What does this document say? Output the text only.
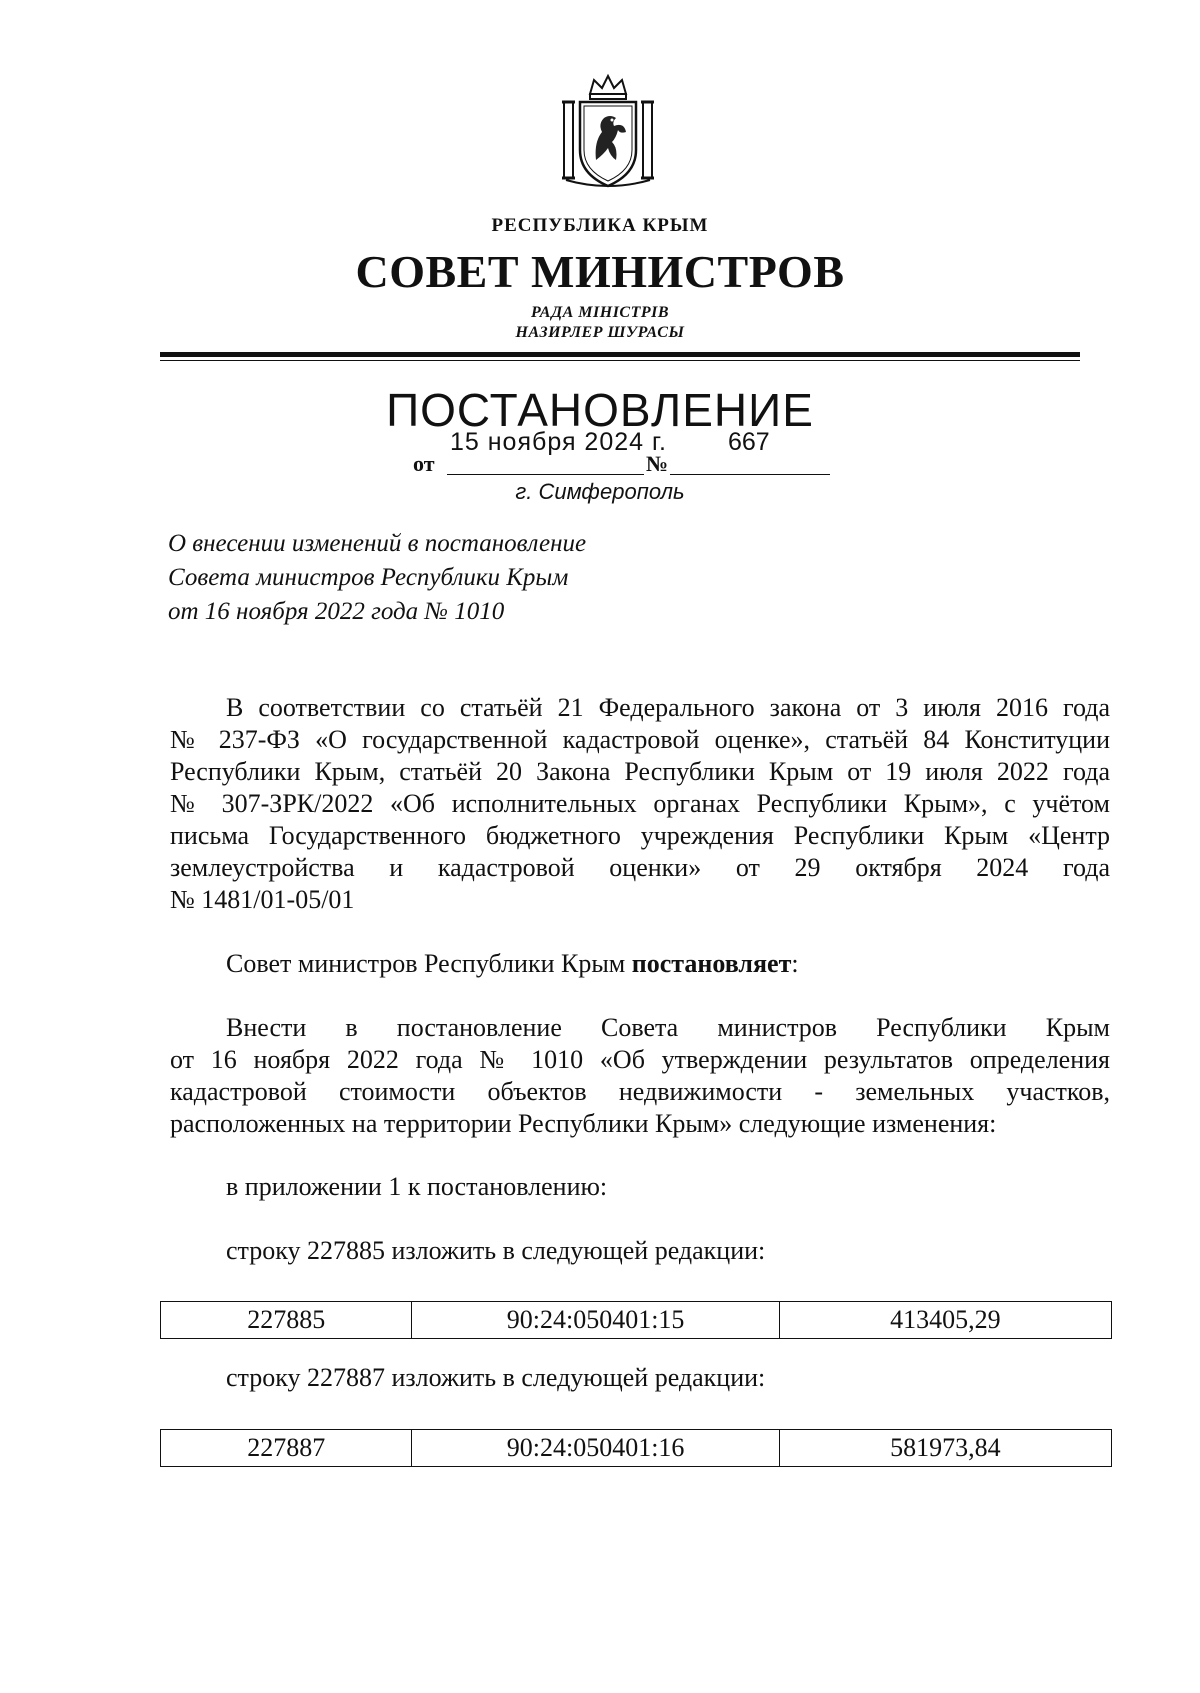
РЕСПУБЛИКА КРЫМ
СОВЕТ МИНИСТРОВ
РАДА МІНІСТРІВ
НАЗИРЛЕР ШУРАСЫ
ПОСТАНОВЛЕНИЕ
15 ноября 2024 г. 667
от	№
г. Симферополь
О внесении изменений в постановление
Совета министров Республики Крым
от 16 ноября 2022 года № 1010
В соответствии со статьёй 21 Федерального закона от 3 июля 2016 года
№ 237-ФЗ «О государственной кадастровой оценке», статьёй 84 Конституции
Республики Крым, статьёй 20 Закона Республики Крым от 19 июля 2022 года
№ 307-ЗРК/2022 «Об исполнительных органах Республики Крым», с учётом
письма Государственного бюджетного учреждения Республики Крым «Центр
землеустройства и кадастровой оценки» от 29 октября 2024 года
№ 1481/01-05/01
Совет министров Республики Крым постановляет:
Внести в постановление Совета министров Республики Крым
от 16 ноября 2022 года № 1010 «Об утверждении результатов определения
кадастровой стоимости объектов недвижимости - земельных участков,
расположенных на территории Республики Крым» следующие изменения:
в приложении 1 к постановлению:
строку 227885 изложить в следующей редакции:
227885	90:24:050401:15	413405,29
строку 227887 изложить в следующей редакции:
227887	90:24:050401:16	581973,84
